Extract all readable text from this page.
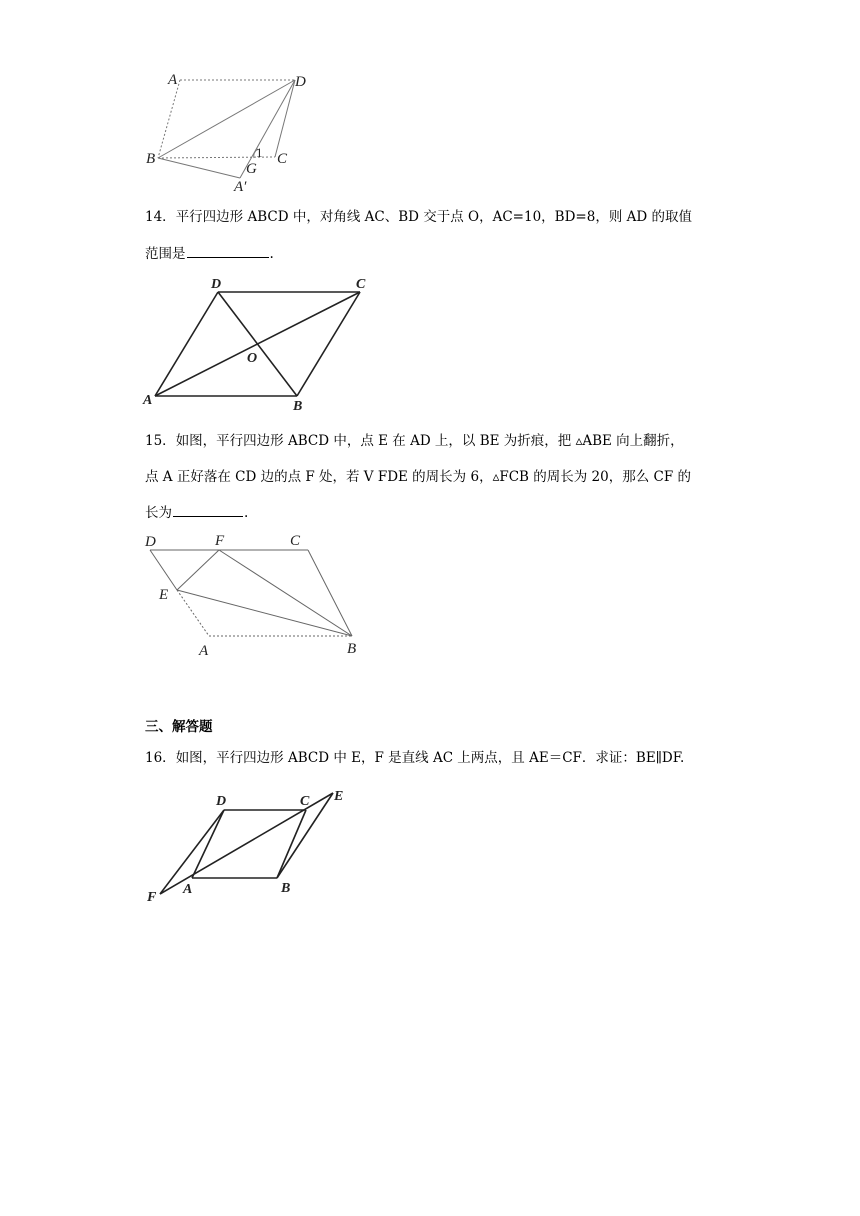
A	D
B	C
G
A′
1
14．平行四边形 ABCD 中，对角线 AC、BD 交于点 O，AC=10，BD=8，则 AD 的取值
范围是	.
D	C
O
A	B
15．如图，平行四边形 ABCD 中，点 E 在 AD 上，以 BE 为折痕，把 ▵ABE 向上翻折，
点 A 正好落在 CD 边的点 F 处，若 V FDE 的周长为 6，▵FCB 的周长为 20，那么 CF 的
长为	.
D	F	C
E
A	B
三、解答题
16．如图，平行四边形 ABCD 中 E，F 是直线 AC 上两点，且 AE＝CF．求证：BE∥DF.
D	C E
F
A	B
